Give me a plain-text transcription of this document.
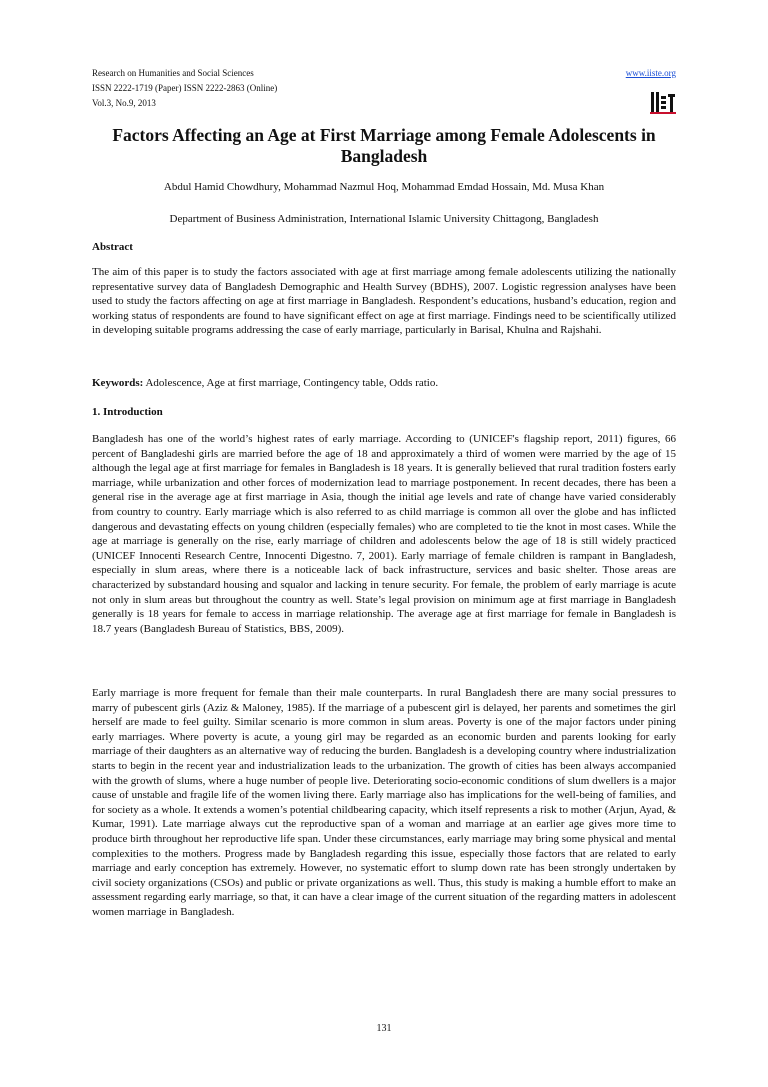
Research on Humanities and Social Sciences
ISSN 2222-1719 (Paper) ISSN 2222-2863 (Online)
Vol.3, No.9, 2013
www.iiste.org
Factors Affecting an Age at First Marriage among Female Adolescents in Bangladesh
Abdul Hamid Chowdhury, Mohammad Nazmul Hoq, Mohammad Emdad Hossain, Md. Musa Khan
Department of Business Administration, International Islamic University Chittagong, Bangladesh
Abstract

The aim of this paper is to study the factors associated with age at first marriage among female adolescents utilizing the nationally representative survey data of Bangladesh Demographic and Health Survey (BDHS), 2007. Logistic regression analyses have been used to study the factors affecting on age at first marriage in Bangladesh. Respondent’s educations, husband’s education, region and working status of respondents are found to have significant effect on age at first marriage. Findings need to be scientifically utilized in developing suitable programs addressing the case of early marriage, particularly in Barisal, Khulna and Rajshahi.

Keywords: Adolescence, Age at first marriage, Contingency table, Odds ratio.
1. Introduction

Bangladesh has one of the world’s highest rates of early marriage. According to (UNICEF's flagship report, 2011) figures, 66 percent of Bangladeshi girls are married before the age of 18 and approximately a third of women were married by the age of 15 although the legal age at first marriage for females in Bangladesh is 18 years. It is generally believed that rural tradition fosters early marriage, while urbanization and other forces of modernization lead to marriage postponement. In recent decades, there has been a general rise in the average age at first marriage in Asia, though the initial age levels and rate of change have varied considerably from country to country. Early marriage which is also referred to as child marriage is common all over the globe and has inflicted dangerous and devastating effects on young children (especially females) who are completed to tie the knot in most cases. While the age at marriage is generally on the rise, early marriage of children and adolescents below the age of 18 is still widely practiced (UNICEF Innocenti Research Centre, Innocenti Digestno. 7, 2001). Early marriage of female children is rampant in Bangladesh, especially in slum areas, where there is a noticeable lack of back infrastructure, services and basic shelter. Those areas are characterized by substandard housing and squalor and lacking in tenure security. For female, the problem of early marriage is acute not only in slum areas but throughout the country as well. State’s legal provision on minimum age at first marriage in Bangladesh generally is 18 years for female to access in marriage relationship. The average age at first marriage for female in Bangladesh is 18.7 years (Bangladesh Bureau of Statistics, BBS, 2009).

Early marriage is more frequent for female than their male counterparts. In rural Bangladesh there are many social pressures to marry of pubescent girls (Aziz & Maloney, 1985). If the marriage of a pubescent girl is delayed, her parents and sometimes the girl herself are made to feel guilty. Similar scenario is more common in slum areas. Poverty is one of the major factors under pining early marriages. Where poverty is acute, a young girl may be regarded as an economic burden and parents looking for early marriage of their daughters as an alternative way of reducing the burden. Bangladesh is a developing country where industrialization starts to begin in the recent year and industrialization leads to the urbanization. The growth of cities has been always accompanied with the growth of slums, where a huge number of people live. Deteriorating socio-economic conditions of slum dwellers is a major cause of unstable and fragile life of the women living there. Early marriage also has implications for the well-being of families, and for society as a whole. It extends a women’s potential childbearing capacity, which itself represents a risk to mother (Arjun, Ayad, & Kumar, 1991). Late marriage always cut the reproductive span of a woman and marriage at an earlier age gives more time to produce birth throughout her reproductive life span. Under these circumstances, early marriage may bring some physical and mental complexities to the mothers. Progress made by Bangladesh regarding this issue, especially those factors that are related to early marriage and early conception has extremely. However, no systematic effort to slump down rate has been strongly undertaken by civil society organizations (CSOs) and public or private organizations as well. Thus, this study is making a humble effort to make an assessment regarding early marriage, so that, it can have a clear image of the current situation of the regarding matters in adolescent women marriage in Bangladesh.

131
